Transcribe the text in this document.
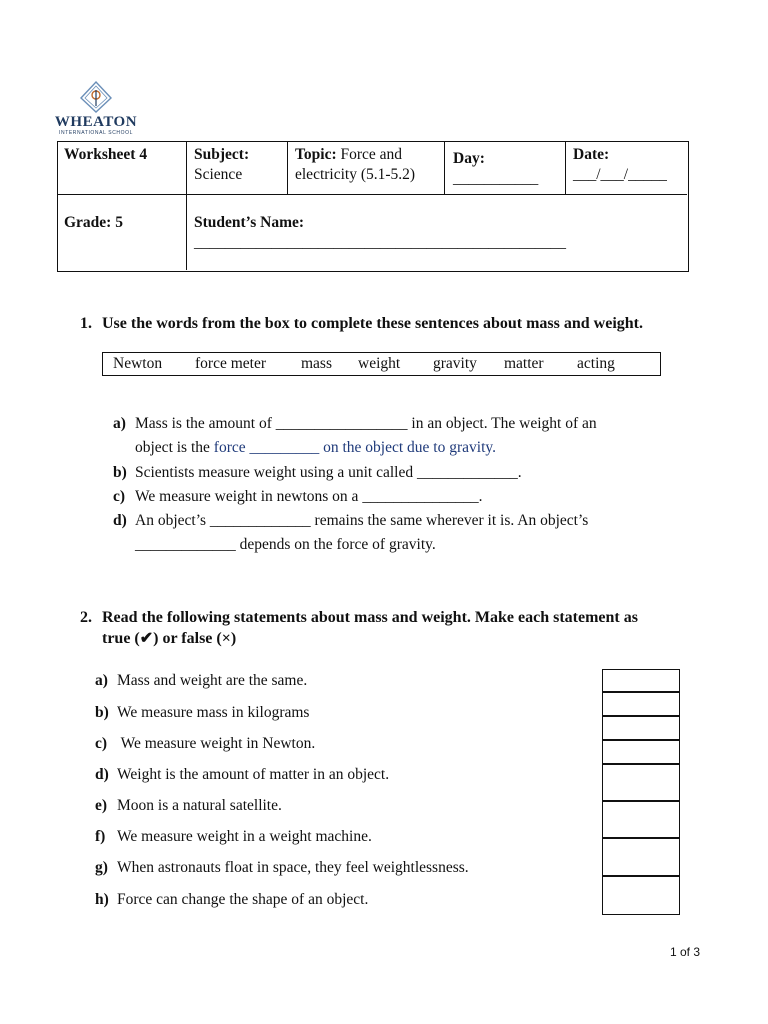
WHEATON
INTERNATIONAL SCHOOL
Worksheet 4	Subject:
Science
Topic: Force and
electricity (5.1-5.2)
Day:
___________
Date:
___/___/_____
Grade: 5	Student’s Name:
________________________________________________
1. Use the words from the box to complete these sentences about mass and weight.
Newton force meter mass weight gravity matter acting
a) Mass is the amount of _________________ in an object. The weight of an
object is the force _________ on the object due to gravity.
b) Scientists measure weight using a unit called _____________.
c) We measure weight in newtons on a _______________.
d) An object’s _____________ remains the same wherever it is. An object’s
_____________ depends on the force of gravity.
2. Read the following statements about mass and weight. Make each statement as
true (✔) or false (×)
a) Mass and weight are the same.
b) We measure mass in kilograms
c) We measure weight in Newton.
d) Weight is the amount of matter in an object.
e) Moon is a natural satellite.
f) We measure weight in a weight machine.
g) When astronauts float in space, they feel weightlessness.
h) Force can change the shape of an object.
1 of 3
